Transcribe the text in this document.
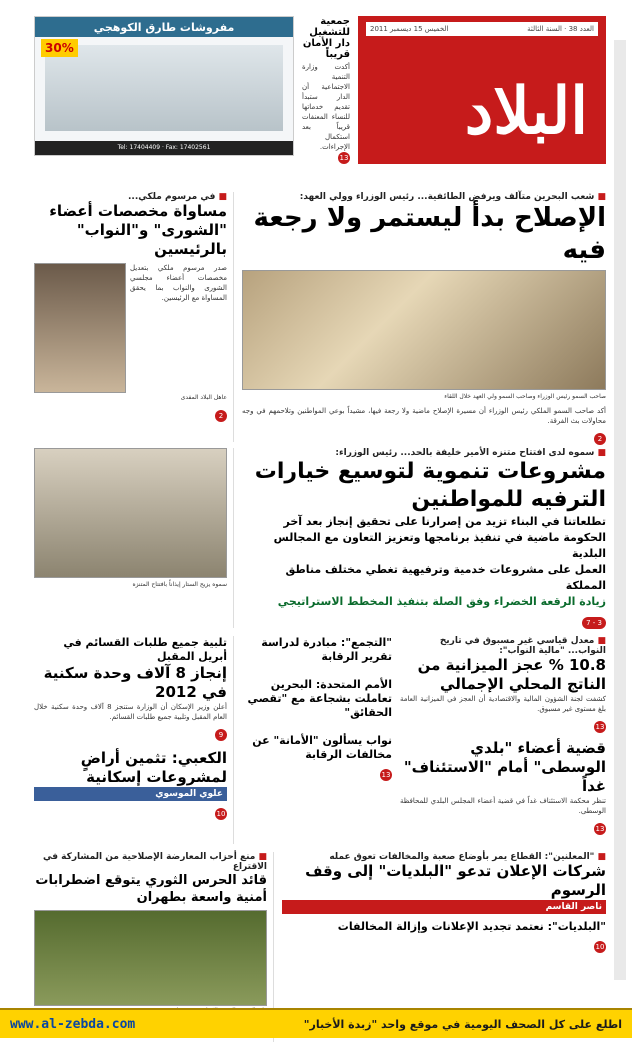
العدد 38 · السنة الثالثة
الخميس 15 ديسمبر 2011
البلاد
جمعية للتشغيل دار الأمان قريباً

أكدت وزارة التنمية الاجتماعية أن الدار ستبدأ تقديم خدماتها للنساء المعنفات قريباً بعد استكمال الإجراءات.

13
مفروشات طارق الكوهجي
30%
Tel: 17404409 · Fax: 17402561
■ شعب البحرين متآلف ويرفض الطائفية... رئيس الوزراء وولي العهد:
الإصلاح بدأ ليستمر ولا رجعة فيه
صاحب السمو رئيس الوزراء وصاحب السمو ولي العهد خلال اللقاء

أكد صاحب السمو الملكي رئيس الوزراء أن مسيرة الإصلاح ماضية ولا رجعة فيها، مشيداً بوعي المواطنين وتلاحمهم في وجه محاولات بث الفرقة.

2
■ في مرسوم ملكي...
مساواة مخصصات أعضاء "الشورى" و"النواب" بالرئيسين

صدر مرسوم ملكي بتعديل مخصصات أعضاء مجلسي الشورى والنواب بما يحقق المساواة مع الرئيسين.

عاهل البلاد المفدى
2
■ سموه لدى افتتاح متنزه الأمير خليفة بالحد... رئيس الوزراء:
مشروعات تنموية لتوسيع خيارات الترفيه للمواطنين
تطلعاتنا في البناء تزيد من إصرارنا على تحقيق إنجاز بعد آخر
الحكومة ماضية في تنفيذ برنامجها وتعزيز التعاون مع المجالس البلدية
العمل على مشروعات خدمية وترفيهية تغطي مختلف مناطق المملكة
زيادة الرقعة الخضراء وفق الصلة بتنفيذ المخطط الاستراتيجي
3 - 7
سموه يزيح الستار إيذاناً بافتتاح المتنزه
■ معدل قياسي غير مسبوق في تاريخ النواب... "مالية النواب":
10.8 % عجز الميزانية من الناتج المحلي الإجمالي

كشفت لجنة الشؤون المالية والاقتصادية أن العجز في الميزانية العامة بلغ مستوى غير مسبوق.

13
قضية أعضاء "بلدي الوسطى" أمام "الاستئناف" غداً

تنظر محكمة الاستئناف غداً في قضية أعضاء المجلس البلدي للمحافظة الوسطى.

13
"التجمع": مبادرة لدراسة تقرير الرقابة
الأمم المتحدة: البحرين تعاملت بشجاعة مع "تقصي الحقائق"
نواب يسألون "الأمانة" عن مخالفات الرقابة
13
تلبية جميع طلبات القسائم في أبريل المقبل
إنجاز 8 آلاف وحدة سكنية في 2012

أعلن وزير الإسكان أن الوزارة ستنجز 8 آلاف وحدة سكنية خلال العام المقبل وتلبية جميع طلبات القسائم.

9
الكعبي: تثمين أراضٍ لمشروعات إسكانية
علوي الموسوي
10
■ "المعلنين": القطاع يمر بأوضاع صعبة والمخالفات تعوق عمله
شركات الإعلان تدعو "البلديات" إلى وقف الرسوم
ناصر القاسم
"البلديات": نعتمد تجديد الإعلانات وإزالة المخالفات
10
■ منع أحزاب المعارضة الإصلاحية من المشاركة في الاقتراع
قائد الحرس الثوري يتوقع اضطرابات أمنية واسعة بطهران
www.al-zebda.com	اطلع على كل الصحف اليومية في موقع واحد "زبدة الأخبار"
